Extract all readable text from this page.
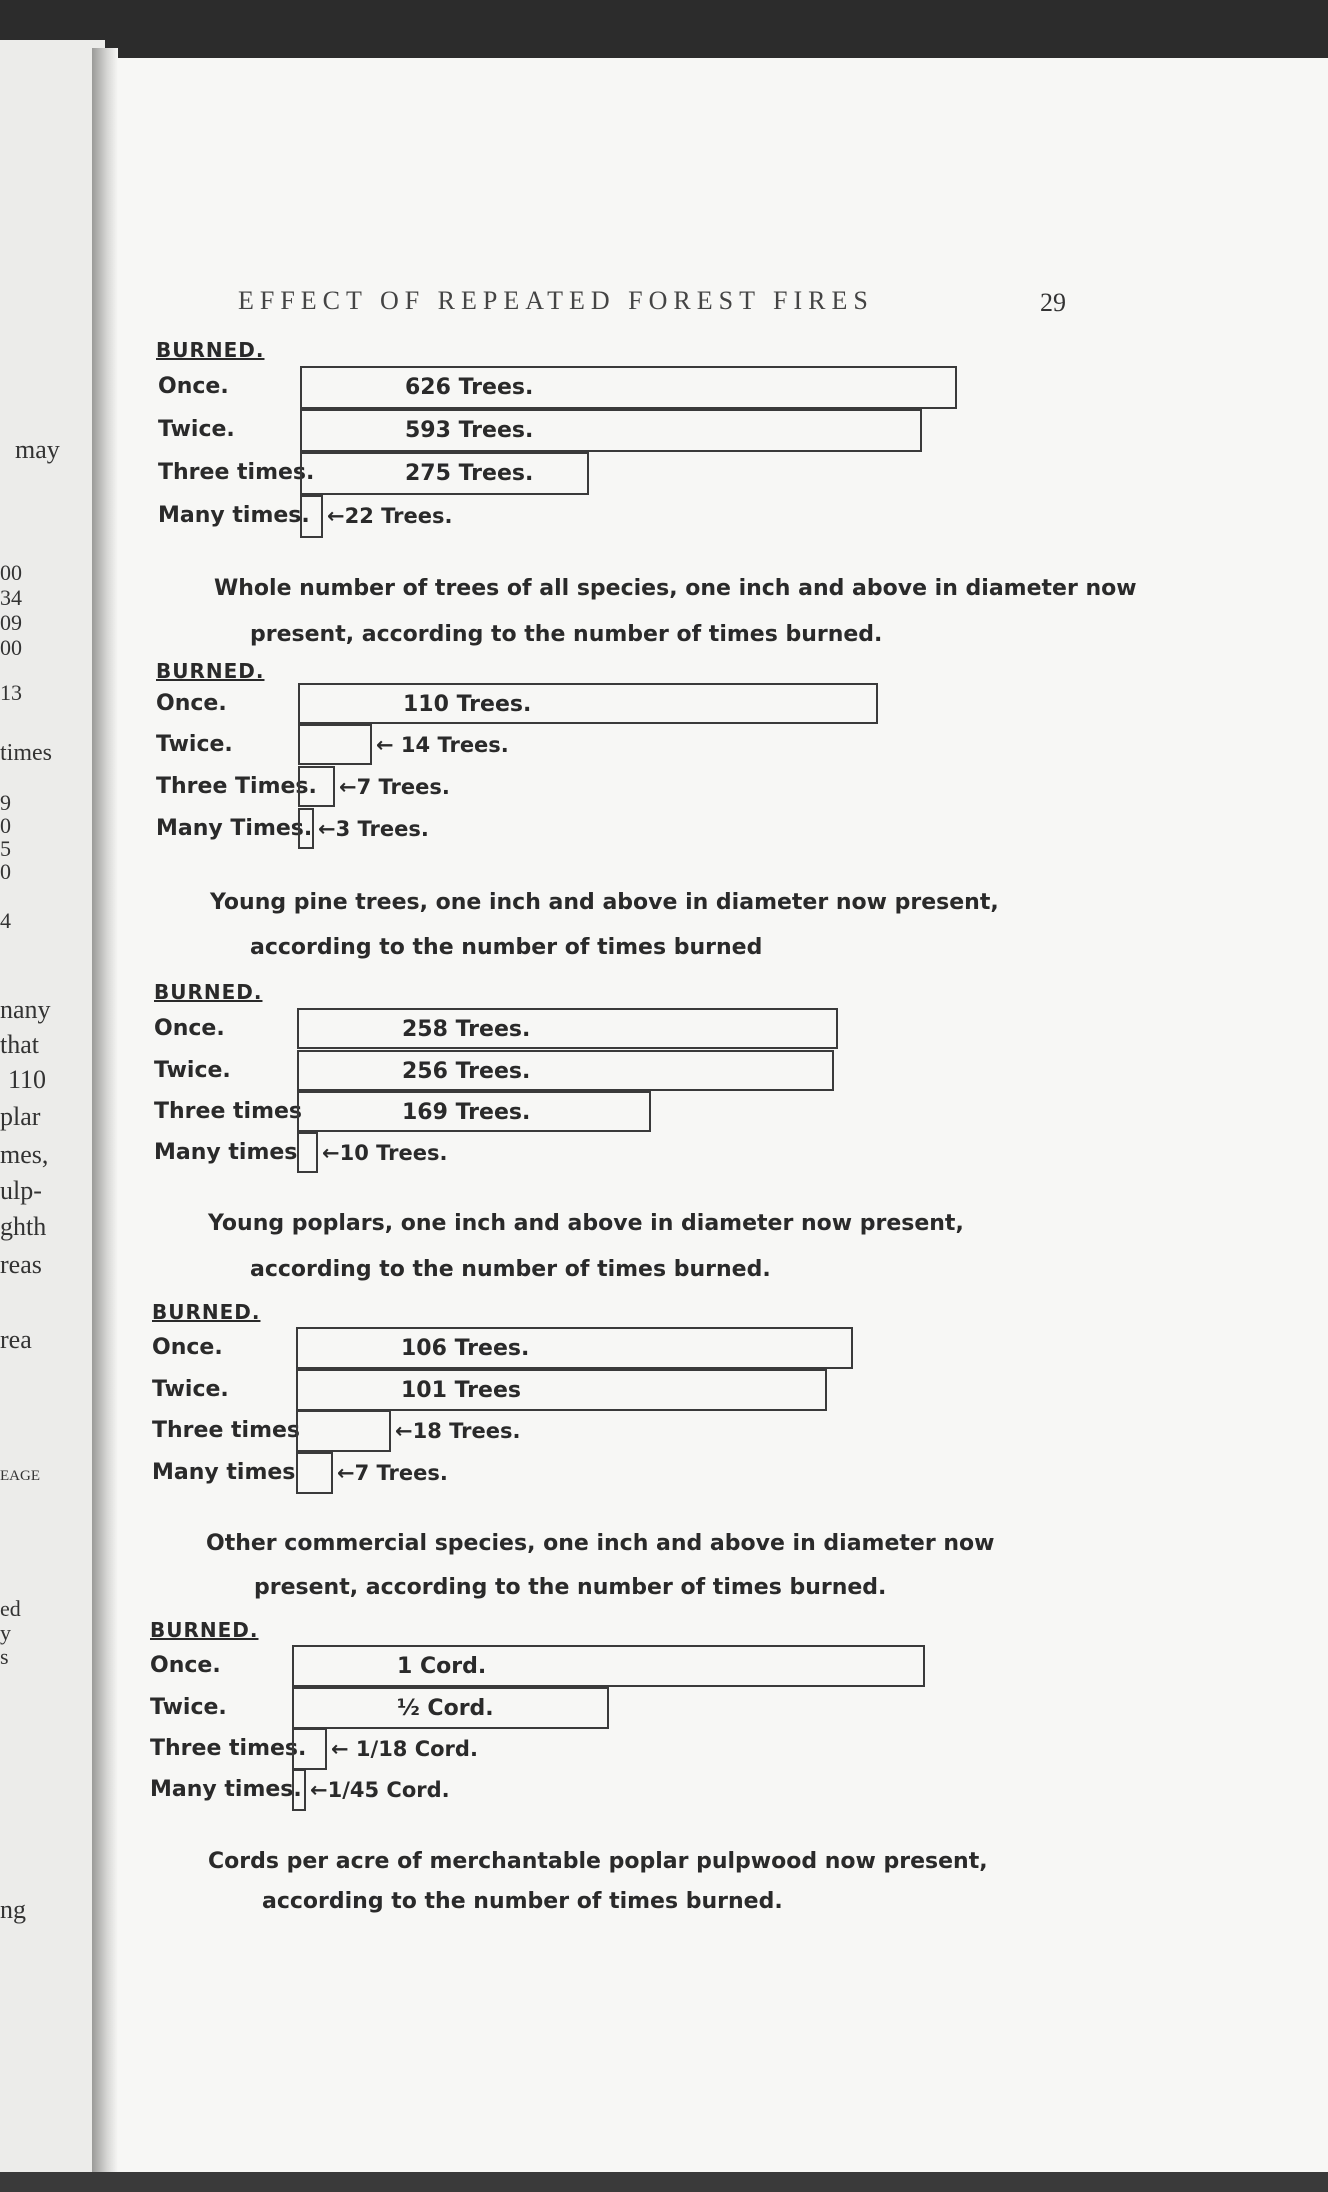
may
00
34
09
00
13
times
9
0
5
0
4
nany
that
110
plar
mes,
ulp-
ghth
reas
rea
EAGE
ed
y
s
ng
EFFECT OF REPEATED FOREST FIRES	29
BURNED.
Once.	626 Trees.
Twice.	593 Trees.
Three times.	275 Trees.
Many times. ←22 Trees.
Whole number of trees of all species, one inch and above in diameter now
present, according to the number of times burned.
BURNED.
Once.	110 Trees.
Twice.	← 14 Trees.
Three Times. ←7 Trees.
Many Times. ←3 Trees.
Young pine trees, one inch and above in diameter now present,
according to the number of times burned
BURNED.
Once.	258 Trees.
Twice.	256 Trees.
Three times	169 Trees.
Many times ←10 Trees.
Young poplars, one inch and above in diameter now present,
according to the number of times burned.
BURNED.
Once.	106 Trees.
Twice.	101 Trees
Three times	←18 Trees.
Many times ←7 Trees.
Other commercial species, one inch and above in diameter now
present, according to the number of times burned.
BURNED.
Once.	1 Cord.
Twice.	½ Cord.
Three times. ← 1/18 Cord.
Many times. ←1/45 Cord.
Cords per acre of merchantable poplar pulpwood now present,
according to the number of times burned.
